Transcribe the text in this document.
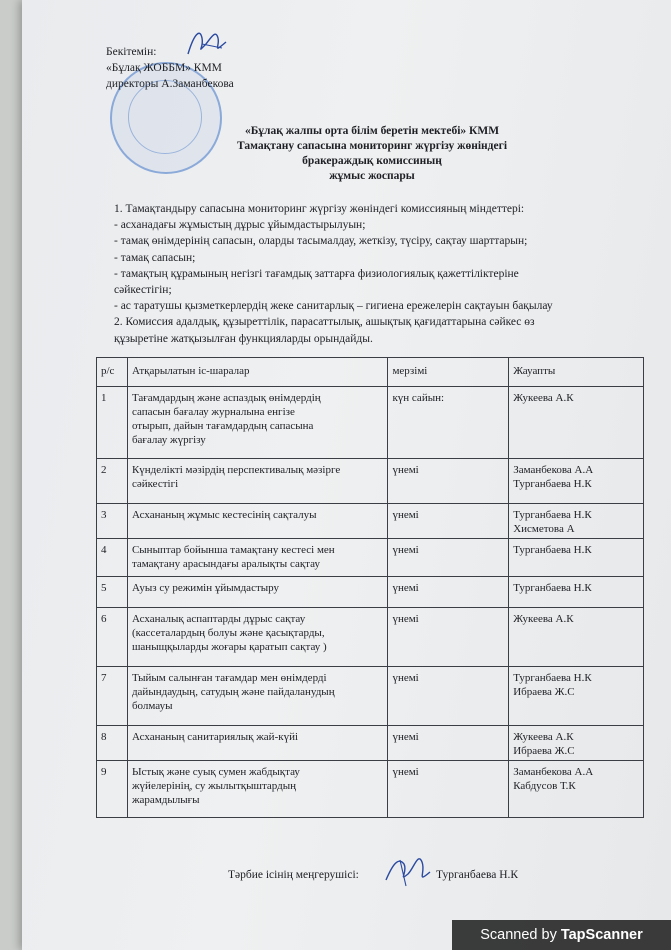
Бекітемін:
«Бұлақ ЖОББМ» КММ
директоры А.Заманбекова
«Бұлақ жалпы орта білім беретін мектебі» КММ
Тамақтану сапасына мониторинг жүргізу жөніндегі
бракераждық комиссиның
жұмыс жоспары
1. Тамақтандыру сапасына мониторинг жүргізу жөніндегі комиссияның міндеттері:
- асханадағы жұмыстың дұрыс ұйымдастырылуын;
- тамақ өнімдерінің сапасын, оларды тасымалдау, жеткізу, түсіру, сақтау шарттарын;
- тамақ сапасын;
- тамақтың құрамының негізгі тағамдық заттарға физиологиялық қажеттіліктеріне
сәйкестігін;
- ас таратушы қызметкерлердің жеке санитарлық – гигиена ережелерін сақтауын бақылау
2. Комиссия адалдық, құзыреттілік, парасаттылық, ашықтық қағидаттарына сәйкес өз
құзыретіне жатқызылған функцияларды орындайды.
р/с	Атқарылатын іс-шаралар	мерзімі	Жауапты
1	Тағамдардың және аспаздық өнімдердің
сапасын бағалау журналына енгізе
отырып, дайын тағамдардың сапасына
бағалау жүргізу	күн сайын:	Жукеева А.К
2	Күнделікті мәзірдің перспективалық мәзірге
сәйкестігі	үнемі	Заманбекова А.А
Турганбаева Н.К
3	Асхананың жұмыс кестесінің сақталуы	үнемі	Турганбаева Н.К
Хисметова А
4	Сыныптар бойынша тамақтану кестесі мен
тамақтану арасындағы аралықты сақтау	үнемі	Турганбаева Н.К
5	Ауыз су режимін ұйымдастыру	үнемі	Турганбаева Н.К
6	Асханалық аспаптарды дұрыс сақтау
(кассеталардың болуы және қасықтарды,
шаныщқыларды жоғары қаратып сақтау )	үнемі	Жукеева А.К
7	Тыйым салынған тағамдар мен өнімдерді
дайындаудың, сатудың және пайдаланудың
болмауы	үнемі	Турганбаева Н.К
Ибраева Ж.С
8	Асхананың санитариялық жай-күйі	үнемі	Жукеева А.К
Ибраева Ж.С
9	Ыстық және суық сумен жабдықтау
жүйелерінің, су жылытқыштардың
жарамдылығы	үнемі	Заманбекова А.А
Кабдусов Т.К
Тәрбие ісінің меңгерушісі:	Турганбаева Н.К
Scanned by TapScanner
